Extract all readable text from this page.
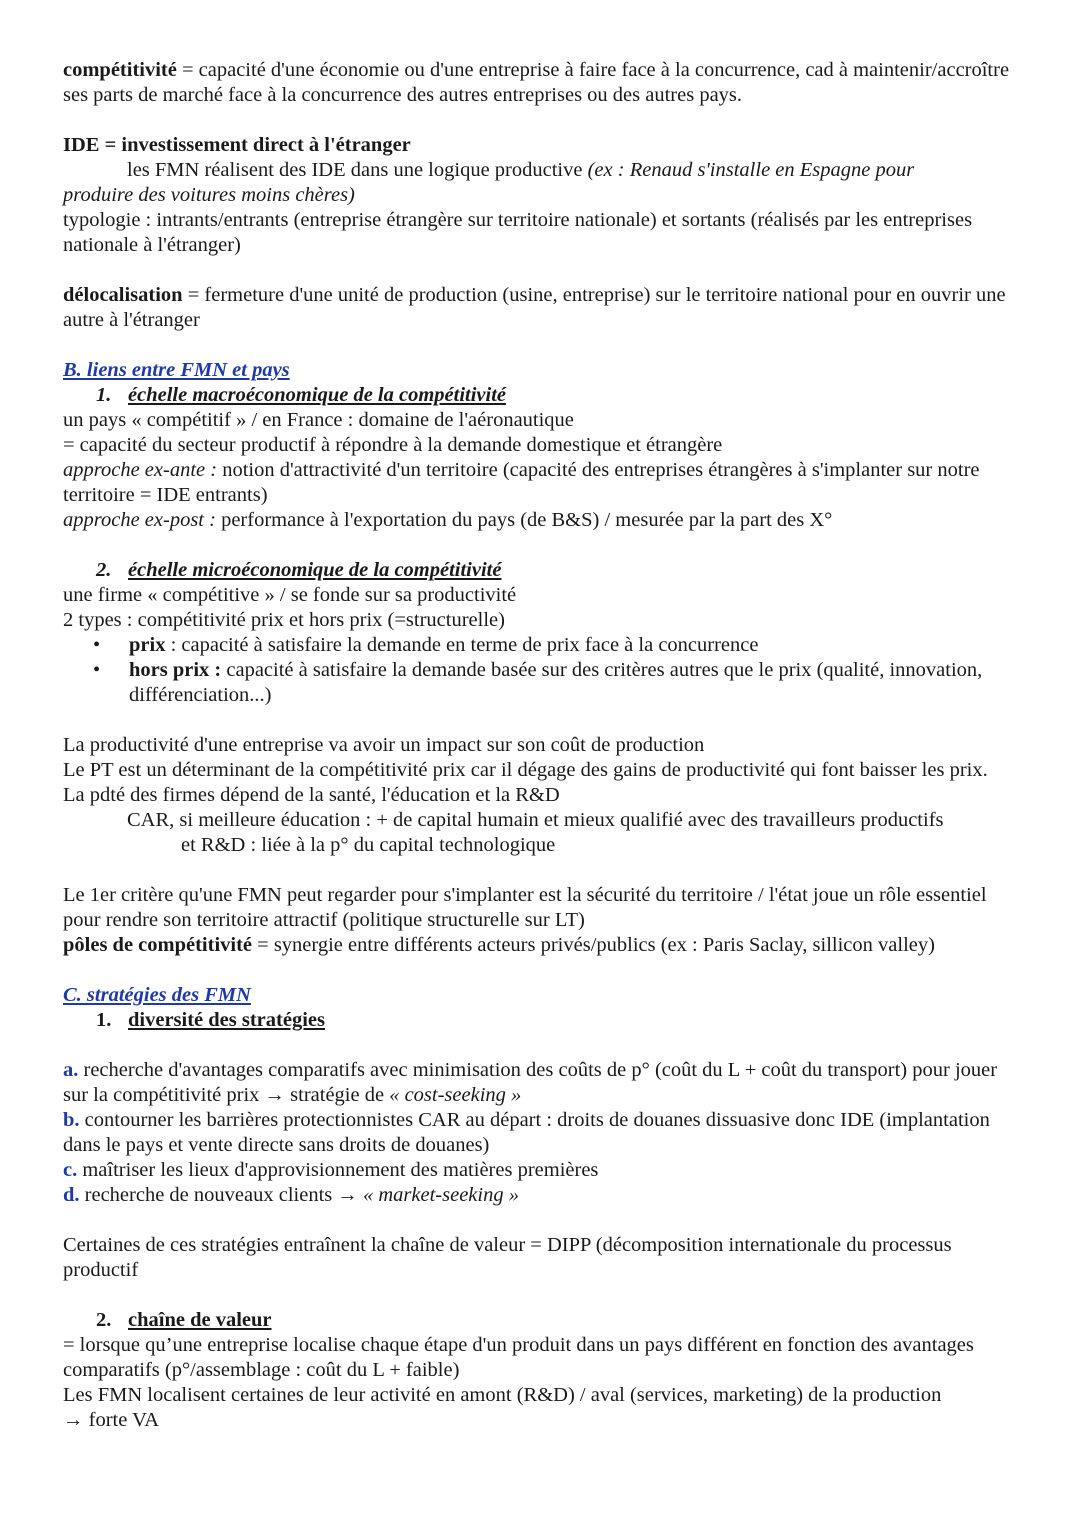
compétitivité = capacité d'une économie ou d'une entreprise à faire face à la concurrence, cad à maintenir/accroître ses parts de marché face à la concurrence des autres entreprises ou des autres pays.

IDE = investissement direct à l'étranger

les FMN réalisent des IDE dans une logique productive (ex : Renaud s'installe en Espagne pour

produire des voitures moins chères)

typologie : intrants/entrants (entreprise étrangère sur territoire nationale) et sortants (réalisés par les entreprises nationale à l'étranger)

délocalisation = fermeture d'une unité de production (usine, entreprise) sur le territoire national pour en ouvrir une autre à l'étranger

B. liens entre FMN et pays

1. échelle macroéconomique de la compétitivité

un pays « compétitif » / en France : domaine de l'aéronautique

= capacité du secteur productif à répondre à la demande domestique et étrangère

approche ex-ante : notion d'attractivité d'un territoire (capacité des entreprises étrangères à s'implanter sur notre territoire = IDE entrants)

approche ex-post : performance à l'exportation du pays (de B&S) / mesurée par la part des X°

2. échelle microéconomique de la compétitivité

une firme « compétitive » / se fonde sur sa productivité

2 types : compétitivité prix et hors prix (=structurelle)

• prix : capacité à satisfaire la demande en terme de prix face à la concurrence
• hors prix : capacité à satisfaire la demande basée sur des critères autres que le prix (qualité, innovation, différenciation...)

La productivité d'une entreprise va avoir un impact sur son coût de production

Le PT est un déterminant de la compétitivité prix car il dégage des gains de productivité qui font baisser les prix.

La pdté des firmes dépend de la santé, l'éducation et la R&D

CAR, si meilleure éducation : + de capital humain et mieux qualifié avec des travailleurs productifs

et R&D : liée à la p° du capital technologique

Le 1er critère qu'une FMN peut regarder pour s'implanter est la sécurité du territoire / l'état joue un rôle essentiel pour rendre son territoire attractif (politique structurelle sur LT)

pôles de compétitivité = synergie entre différents acteurs privés/publics (ex : Paris Saclay, sillicon valley)

C. stratégies des FMN

1. diversité des stratégies

a. recherche d'avantages comparatifs avec minimisation des coûts de p° (coût du L + coût du transport) pour jouer sur la compétitivité prix → stratégie de « cost-seeking »

b. contourner les barrières protectionnistes CAR au départ : droits de douanes dissuasive donc IDE (implantation dans le pays et vente directe sans droits de douanes)

c. maîtriser les lieux d'approvisionnement des matières premières

d. recherche de nouveaux clients → « market-seeking »

Certaines de ces stratégies entraînent la chaîne de valeur = DIPP (décomposition internationale du processus productif

2. chaîne de valeur

= lorsque qu’une entreprise localise chaque étape d'un produit dans un pays différent en fonction des avantages comparatifs (p°/assemblage : coût du L + faible)

Les FMN localisent certaines de leur activité en amont (R&D) / aval (services, marketing) de la production

→ forte VA
